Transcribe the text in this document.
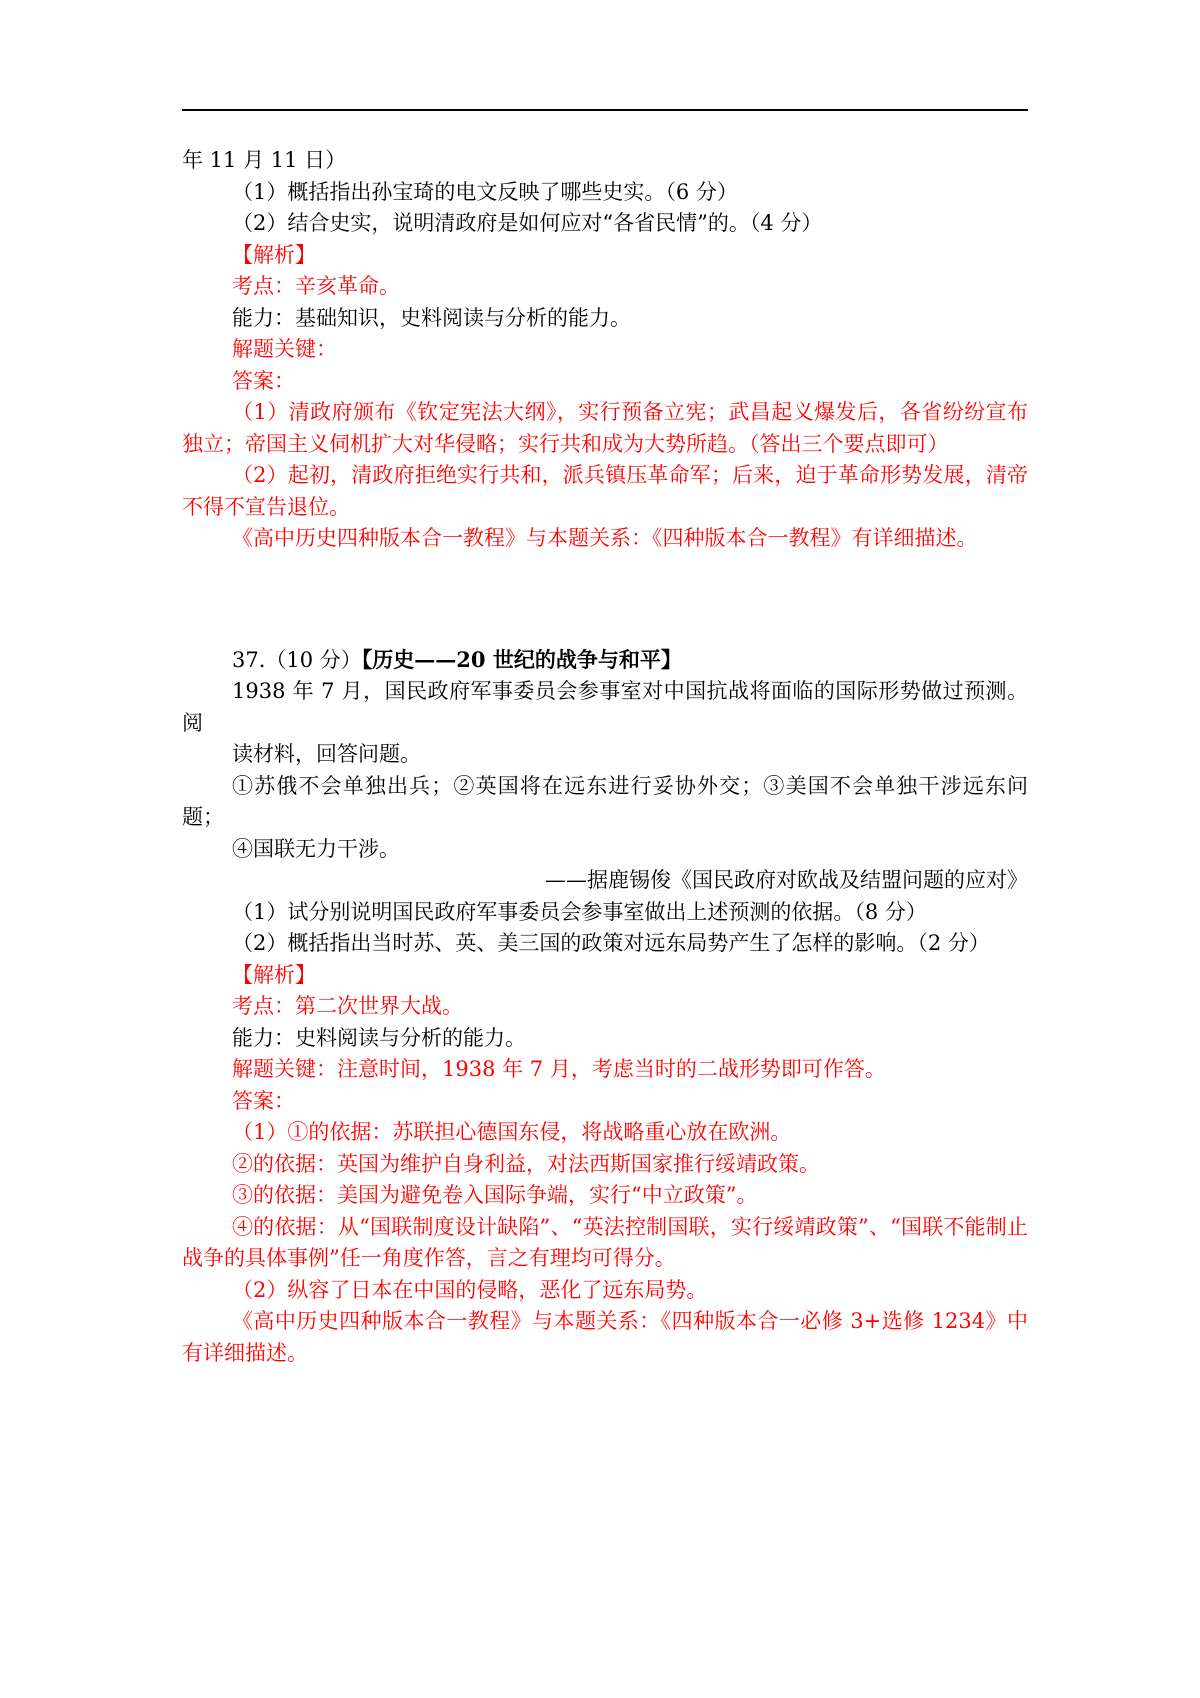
年 11 月 11 日）

（1）概括指出孙宝琦的电文反映了哪些史实。（6 分）

（2）结合史实，说明清政府是如何应对“各省民情”的。（4 分）

【解析】

考点：辛亥革命。

能力：基础知识，史料阅读与分析的能力。

解题关键：

答案：

（1）清政府颁布《钦定宪法大纲》，实行预备立宪；武昌起义爆发后，各省纷纷宣布独立；帝国主义伺机扩大对华侵略；实行共和成为大势所趋。（答出三个要点即可）

（2）起初，清政府拒绝实行共和，派兵镇压革命军；后来，迫于革命形势发展，清帝不得不宣告退位。

《高中历史四种版本合一教程》与本题关系：《四种版本合一教程》有详细描述。

37.（10 分）【历史——20 世纪的战争与和平】

1938 年 7 月，国民政府军事委员会参事室对中国抗战将面临的国际形势做过预测。阅

读材料，回答问题。

①苏俄不会单独出兵；②英国将在远东进行妥协外交；③美国不会单独干涉远东问题；

④国联无力干涉。

——据鹿锡俊《国民政府对欧战及结盟问题的应对》

（1）试分别说明国民政府军事委员会参事室做出上述预测的依据。（8 分）

（2）概括指出当时苏、英、美三国的政策对远东局势产生了怎样的影响。（2 分）

【解析】

考点：第二次世界大战。

能力：史料阅读与分析的能力。

解题关键：注意时间，1938 年 7 月，考虑当时的二战形势即可作答。

答案：

（1）①的依据：苏联担心德国东侵，将战略重心放在欧洲。

②的依据：英国为维护自身利益，对法西斯国家推行绥靖政策。

③的依据：美国为避免卷入国际争端，实行“中立政策”。

④的依据：从“国联制度设计缺陷”、“英法控制国联，实行绥靖政策”、“国联不能制止战争的具体事例”任一角度作答，言之有理均可得分。

（2）纵容了日本在中国的侵略，恶化了远东局势。

《高中历史四种版本合一教程》与本题关系：《四种版本合一必修 3+选修 1234》中有详细描述。
